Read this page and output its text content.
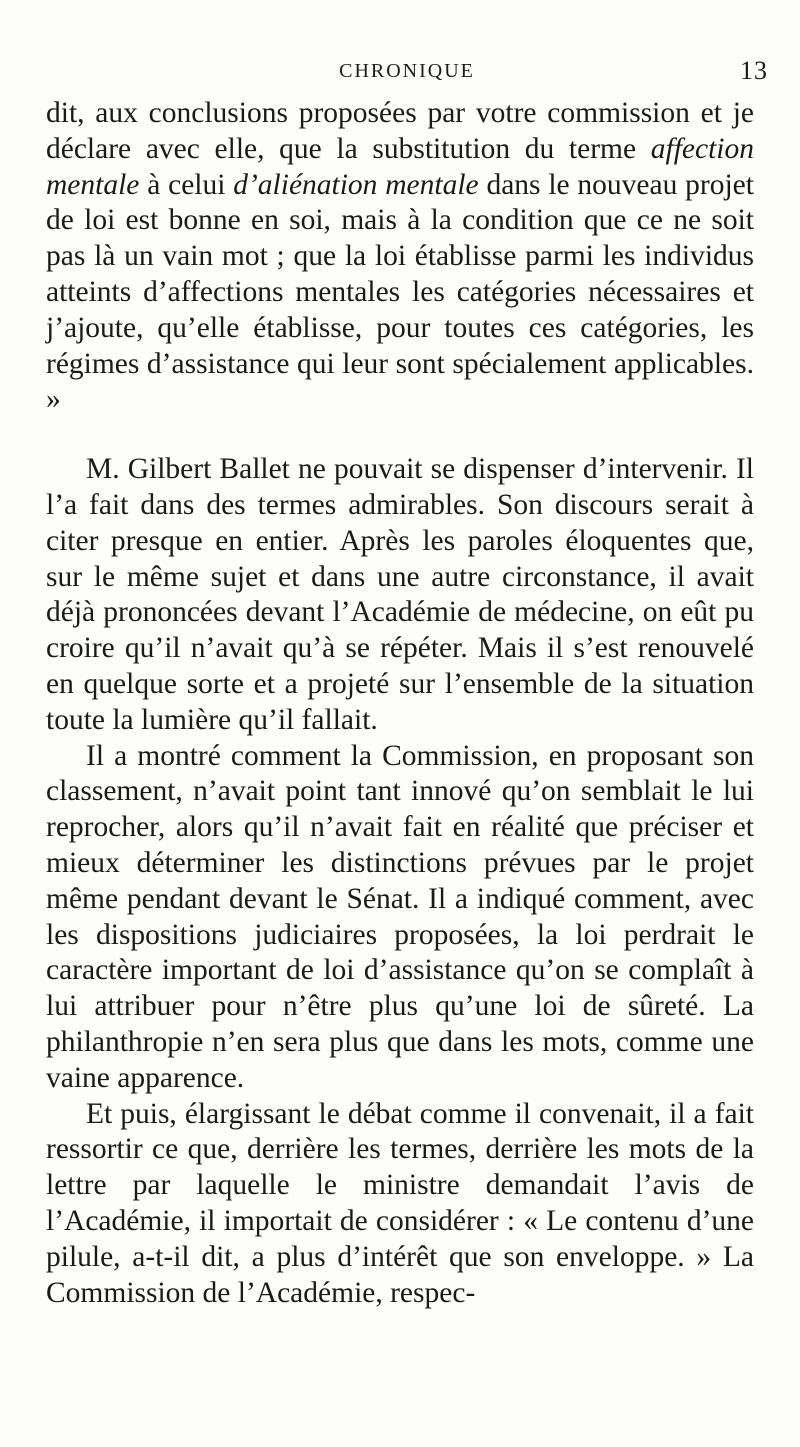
CHRONIQUE	13

dit, aux conclusions proposées par votre commission et je déclare avec elle, que la substitution du terme affection mentale à celui d’aliénation mentale dans le nouveau projet de loi est bonne en soi, mais à la condition que ce ne soit pas là un vain mot ; que la loi établisse parmi les individus atteints d’affections mentales les catégories nécessaires et j’ajoute, qu’elle établisse, pour toutes ces catégories, les régimes d’assistance qui leur sont spécialement applicables. »

M. Gilbert Ballet ne pouvait se dispenser d’intervenir. Il l’a fait dans des termes admirables. Son discours serait à citer presque en entier. Après les paroles éloquentes que, sur le même sujet et dans une autre circonstance, il avait déjà prononcées devant l’Académie de médecine, on eût pu croire qu’il n’avait qu’à se répéter. Mais il s’est renouvelé en quelque sorte et a projeté sur l’ensemble de la situation toute la lumière qu’il fallait.

Il a montré comment la Commission, en proposant son classement, n’avait point tant innové qu’on semblait le lui reprocher, alors qu’il n’avait fait en réalité que préciser et mieux déterminer les distinctions prévues par le projet même pendant devant le Sénat. Il a indiqué comment, avec les dispositions judiciaires proposées, la loi perdrait le caractère important de loi d’assistance qu’on se complaît à lui attribuer pour n’être plus qu’une loi de sûreté. La philanthropie n’en sera plus que dans les mots, comme une vaine apparence.

Et puis, élargissant le débat comme il convenait, il a fait ressortir ce que, derrière les termes, derrière les mots de la lettre par laquelle le ministre demandait l’avis de l’Académie, il importait de considérer : « Le contenu d’une pilule, a-t-il dit, a plus d’intérêt que son enveloppe. » La Commission de l’Académie, respec-
